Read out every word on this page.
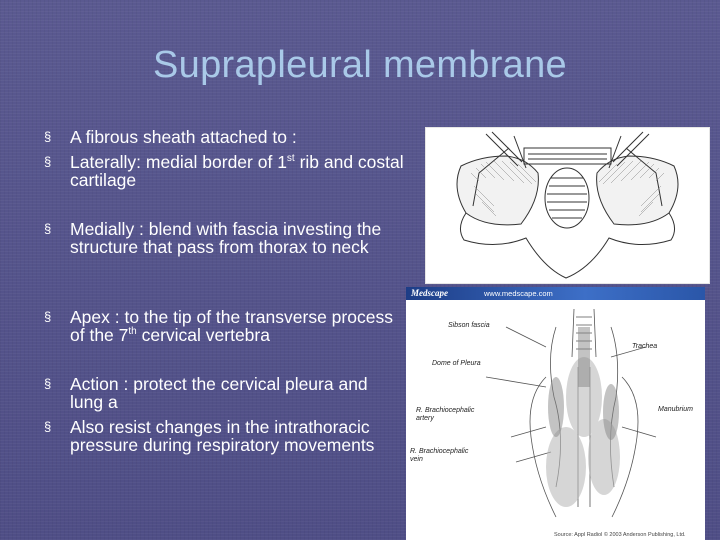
Suprapleural membrane
§ A fibrous sheath attached to :
§ Laterally: medial border of 1st rib and costal cartilage
§ Medially : blend with fascia investing the structure that pass from thorax to neck
§ Apex : to the tip of the transverse process of the 7th cervical vertebra
§ Action : protect the cervical pleura and lung a
§ Also resist changes in the intrathoracic pressure during respiratory movements
Medscape	www.medscape.com
Sibson fascia
Dome of Pleura
Trachea
R. Brachiocephalic artery
Manubrium
R. Brachiocephalic vein
Source: Appl Radiol © 2003 Anderson Publishing, Ltd.
